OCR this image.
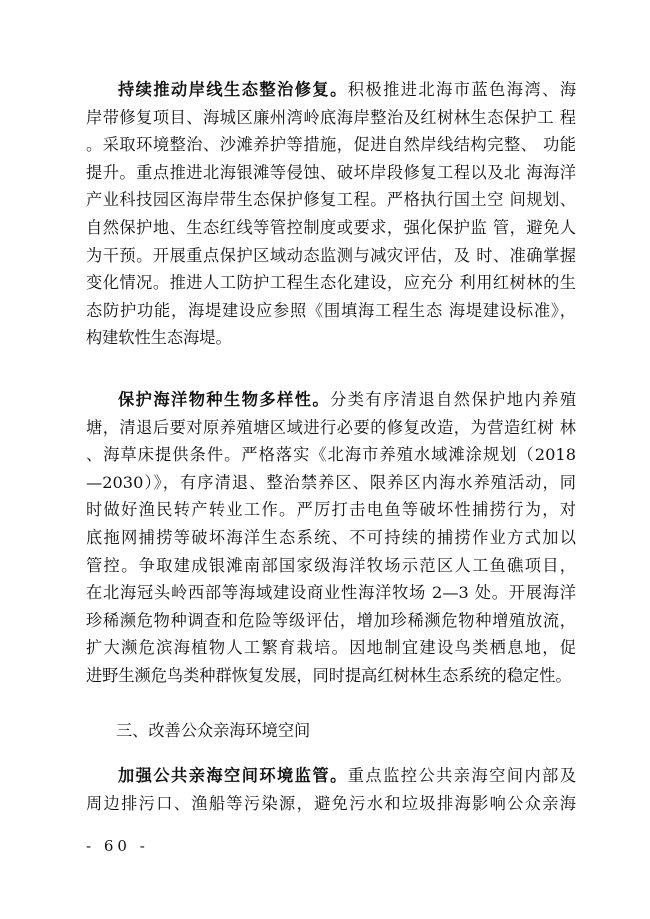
持续推动岸线生态整治修复。积极推进北海市蓝色海湾、海
岸带修复项目、海城区廉州湾岭底海岸整治及红树林生态保护工 程
。采取环境整治、沙滩养护等措施，促进自然岸线结构完整、 功能
提升。重点推进北海银滩等侵蚀、破坏岸段修复工程以及北 海海洋
产业科技园区海岸带生态保护修复工程。严格执行国土空 间规划、
自然保护地、生态红线等管控制度或要求，强化保护监 管，避免人
为干预。开展重点保护区域动态监测与减灾评估，及 时、准确掌握
变化情况。推进人工防护工程生态化建设，应充分 利用红树林的生
态防护功能，海堤建设应参照《围填海工程生态 海堤建设标准》，
构建软性生态海堤。
保护海洋物种生物多样性。分类有序清退自然保护地内养殖
塘，清退后要对原养殖塘区域进行必要的修复改造，为营造红树 林
、海草床提供条件。严格落实《北海市养殖水域滩涂规划（2018
—2030）》，有序清退、整治禁养区、限养区内海水养殖活动，同
时做好渔民转产转业工作。严厉打击电鱼等破坏性捕捞行为，对
底拖网捕捞等破坏海洋生态系统、不可持续的捕捞作业方式加以
管控。争取建成银滩南部国家级海洋牧场示范区人工鱼礁项目，
在北海冠头岭西部等海域建设商业性海洋牧场 2—3 处。开展海洋
珍稀濒危物种调查和危险等级评估，增加珍稀濒危物种增殖放流，
扩大濒危滨海植物人工繁育栽培。因地制宜建设鸟类栖息地，促
进野生濒危鸟类种群恢复发展，同时提高红树林生态系统的稳定性。
三、改善公众亲海环境空间
加强公共亲海空间环境监管。重点监控公共亲海空间内部及
周边排污口、渔船等污染源，避免污水和垃圾排海影响公众亲海
- 60 -
